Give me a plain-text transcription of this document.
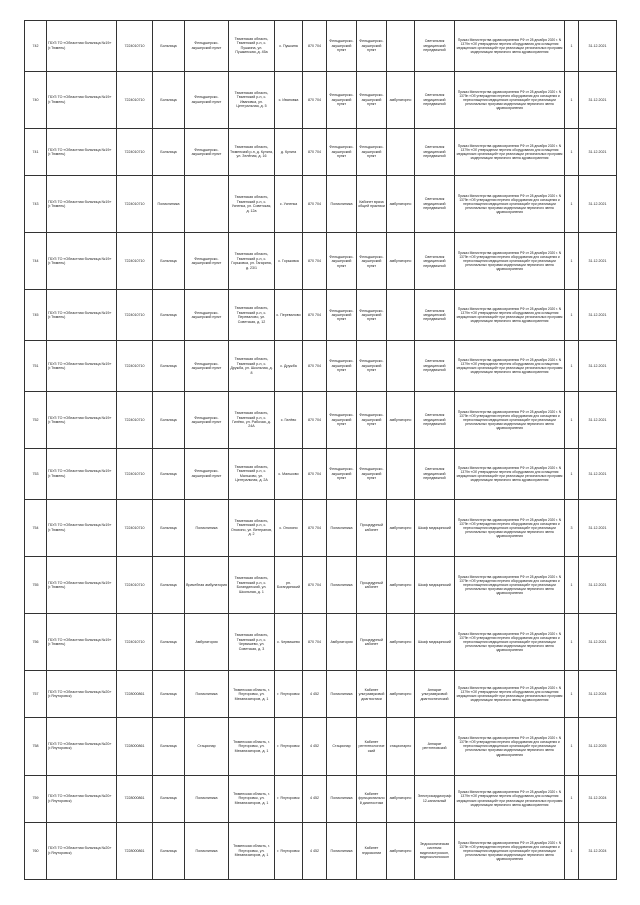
742	ГБУЗ ТО «Областная больница №19» (г.Тюмень)	7224010710	Больница	Фельдшерско-акушерский пункт	Тюменская область, Тюменский р-н, с. Пушкина, ул. Пушкинская, д. 45а	с. Пушкина	870 704	Фельдшерско-акушерский пункт	Фельдшерско-акушерский пункт		Светильник медицинский передвижной	Приказ Министерства здравоохранения РФ от 28 декабря 2020 г. N 1379н «Об утверждении перечня оборудования для оснащения медицинских организаций» при реализации региональных программ модернизации первичного звена здравоохранения	1	31.12.2021
740	ГБУЗ ТО «Областная больница №19» (г.Тюмень)	7224010710	Больница	Фельдшерско-акушерский пункт	Тюменская область, Тюменский р-н, с. Ивановка, ул. Центральная, д. 5	с. Ивановка	870 704	Фельдшерско-акушерский пункт	Фельдшерско-акушерский пункт	амбулаторно	Светильник медицинский передвижной	Приказ Министерства здравоохранения РФ от 28 декабря 2020 г. N 1379н «Об утверждении перечня оборудования для оснащения и переоснащения медицинских организаций» при реализации региональных программ модернизации первичного звена здравоохранения	1	31.12.2021
741	ГБУЗ ТО «Областная больница №19» (г.Тюмень)	7224010710	Больница	Фельдшерско-акушерский пункт	Тюменская область, Тюменский р-н, д. Кулига, ул. Зелёная, д. 16	д. Кулига	870 704	Фельдшерско-акушерский пункт	Фельдшерско-акушерский пункт		Светильник медицинский передвижной	Приказ Министерства здравоохранения РФ от 28 декабря 2020 г. N 1379н «Об утверждении перечня оборудования для оснащения медицинских организаций» при реализации региональных программ модернизации первичного звена здравоохранения	1	31.12.2021
743	ГБУЗ ТО «Областная больница №19» (г.Тюмень)	7224010710	Поликлиника		Тюменская область, Тюменский р-н, с. Успенка, ул. Советская, д. 12а	с. Успенка	870 704	Поликлиника	Кабинет врача общей практики	амбулаторно	Светильник медицинский передвижной	Приказ Министерства здравоохранения РФ от 28 декабря 2020 г. N 1379н «Об утверждении перечня оборудования для оснащения и переоснащения медицинских организаций» при реализации региональных программ модернизации первичного звена здравоохранения	1	31.12.2021
744	ГБУЗ ТО «Областная больница №19» (г.Тюмень)	7224010710	Больница	Фельдшерско-акушерский пункт	Тюменская область, Тюменский р-н, с. Горьковка, ул. Гагарина, д. 23/1	с. Горьковка	870 704	Фельдшерско-акушерский пункт	Фельдшерско-акушерский пункт	амбулаторно	Светильник медицинский передвижной	Приказ Министерства здравоохранения РФ от 28 декабря 2020 г. N 1379н «Об утверждении перечня оборудования для оснащения и переоснащения медицинских организаций» при реализации региональных программ модернизации первичного звена здравоохранения	1	31.12.2021
745	ГБУЗ ТО «Областная больница №19» (г.Тюмень)	7224010710	Больница	Фельдшерско-акушерский пункт	Тюменская область, Тюменский р-н, с. Переваловo, ул. Советская, д. 12	с. Перевалово	870 704	Фельдшерско-акушерский пункт	Фельдшерско-акушерский пункт		Светильник медицинский передвижной	Приказ Министерства здравоохранения РФ от 28 декабря 2020 г. N 1379н «Об утверждении перечня оборудования для оснащения медицинских организаций» при реализации региональных программ модернизации первичного звена здравоохранения	1	31.12.2021
751	ГБУЗ ТО «Областная больница №19» (г.Тюмень)	7224010710	Больница	Фельдшерско-акушерский пункт	Тюменская область, Тюменский р-н, с. Дружба, ул. Школьная, д. 8	с. Дружба	870 704	Фельдшерско-акушерский пункт	Фельдшерско-акушерский пункт		Светильник медицинский передвижной	Приказ Министерства здравоохранения РФ от 28 декабря 2020 г. N 1379н «Об утверждении перечня оборудования для оснащения медицинских организаций» при реализации региональных программ модернизации первичного звена здравоохранения	1	31.12.2021
752	ГБУЗ ТО «Областная больница №19» (г.Тюмень)	7224010710	Больница	Фельдшерско-акушерский пункт	Тюменская область, Тюменский р-н, с. Гилёво, ул. Рабочая, д. 24А	с. Гилёво	870 704	Фельдшерско-акушерский пункт	Фельдшерско-акушерский пункт	амбулаторно	Светильник медицинский передвижной	Приказ Министерства здравоохранения РФ от 28 декабря 2020 г. N 1379н «Об утверждении перечня оборудования для оснащения и переоснащения медицинских организаций» при реализации региональных программ модернизации первичного звена здравоохранения	1	31.12.2021
753	ГБУЗ ТО «Областная больница №19» (г.Тюмень)	7224010710	Больница	Фельдшерско-акушерский пункт	Тюменская область, Тюменский р-н, с. Мальково, ул. Центральная, д. 2А	с. Мальково	870 704	Фельдшерско-акушерский пункт	Фельдшерско-акушерский пункт		Светильник медицинский передвижной	Приказ Министерства здравоохранения РФ от 28 декабря 2020 г. N 1379н «Об утверждении перечня оборудования для оснащения медицинских организаций» при реализации региональных программ модернизации первичного звена здравоохранения	1	31.12.2021
754	ГБУЗ ТО «Областная больница №19» (г.Тюмень)	7224010710	Больница	Поликлиника	Тюменская область, Тюменский р-н, с. Онохино, ул. Ветеранов, д. 2	с. Онохино	870 704	Поликлиника	Процедурный кабинет	амбулаторно	Шкаф медицинский	Приказ Министерства здравоохранения РФ от 28 декабря 2020 г. N 1379н «Об утверждении перечня оборудования для оснащения и переоснащения медицинских организаций» при реализации региональных программ модернизации первичного звена здравоохранения	3	31.12.2021
755	ГБУЗ ТО «Областная больница №19» (г.Тюмень)	7224010710	Больница	Врачебная амбулатория	Тюменская область, Тюменский р-н, с. Богандинский, ул. Школьная, д. 1	рп. Богандинский	870 704	Поликлиника	Процедурный кабинет	амбулаторно	Шкаф медицинский	Приказ Министерства здравоохранения РФ от 28 декабря 2020 г. N 1379н «Об утверждении перечня оборудования для оснащения и переоснащения медицинских организаций» при реализации региональных программ модернизации первичного звена здравоохранения	1	31.12.2021
756	ГБУЗ ТО «Областная больница №19» (г.Тюмень)	7224010710	Больница	Амбулатория	Тюменская область, Тюменский р-н, с. Червишево, ул. Советская, д. 3	с. Червишево	870 704	Амбулатория	Процедурный кабинет	амбулаторно	Шкаф медицинский	Приказ Министерства здравоохранения РФ от 28 декабря 2020 г. N 1379н «Об утверждении перечня оборудования для оснащения и переоснащения медицинских организаций» при реализации региональных программ модернизации первичного звена здравоохранения	1	31.12.2021
757	ГБУЗ ТО «Областная больница №20» (г.Ялуторовск)	7228000861	Больница	Поликлиника	Тюменская область, г. Ялуторовск, ул. Механизаторов, д. 1	г. Ялуторовск	4 452	Поликлиника	Кабинет ультразвуковой диагностики	амбулаторно	Аппарат ультразвуковой диагностический	Приказ Министерства здравоохранения РФ от 28 декабря 2020 г. N 1379н «Об утверждении перечня оборудования для оснащения медицинских организаций» при реализации региональных программ модернизации первичного звена здравоохранения	1	31.12.2024
758	ГБУЗ ТО «Областная больница №20» (г.Ялуторовск)	7228000861	Больница	Стационар	Тюменская область, г. Ялуторовск, ул. Механизаторов, д. 1	г. Ялуторовск	4 452	Стационар	Кабинет рентгенологический	стационарно	Аппарат рентгеновский	Приказ Министерства здравоохранения РФ от 28 декабря 2020 г. N 1379н «Об утверждении перечня оборудования для оснащения и переоснащения медицинских организаций» при реализации региональных программ модернизации первичного звена здравоохранения	1	31.12.2025
759	ГБУЗ ТО «Областная больница №20» (г.Ялуторовск)	7228000861	Больница	Поликлиника	Тюменская область, г. Ялуторовск, ул. Механизаторов, д. 1	г. Ялуторовск	4 452	Поликлиника	Кабинет функциональной диагностики	амбулаторно	Электрокардиограф 12-канальный	Приказ Министерства здравоохранения РФ от 28 декабря 2020 г. N 1379н «Об утверждении перечня оборудования для оснащения медицинских организаций» при реализации региональных программ модернизации первичного звена здравоохранения	1	31.12.2024
760	ГБУЗ ТО «Областная больница №20» (г.Ялуторовск)	7228000861	Больница	Поликлиника	Тюменская область, г. Ялуторовск, ул. Механизаторов, д. 1	г. Ялуторовск	4 452	Поликлиника	Кабинет эндоскопии	амбулаторно	Эндоскопическая система: видеогастроскоп, видеоколоноскоп	Приказ Министерства здравоохранения РФ от 28 декабря 2020 г. N 1379н «Об утверждении перечня оборудования для оснащения и переоснащения медицинских организаций» при реализации региональных программ модернизации первичного звена здравоохранения	1	31.12.2024
